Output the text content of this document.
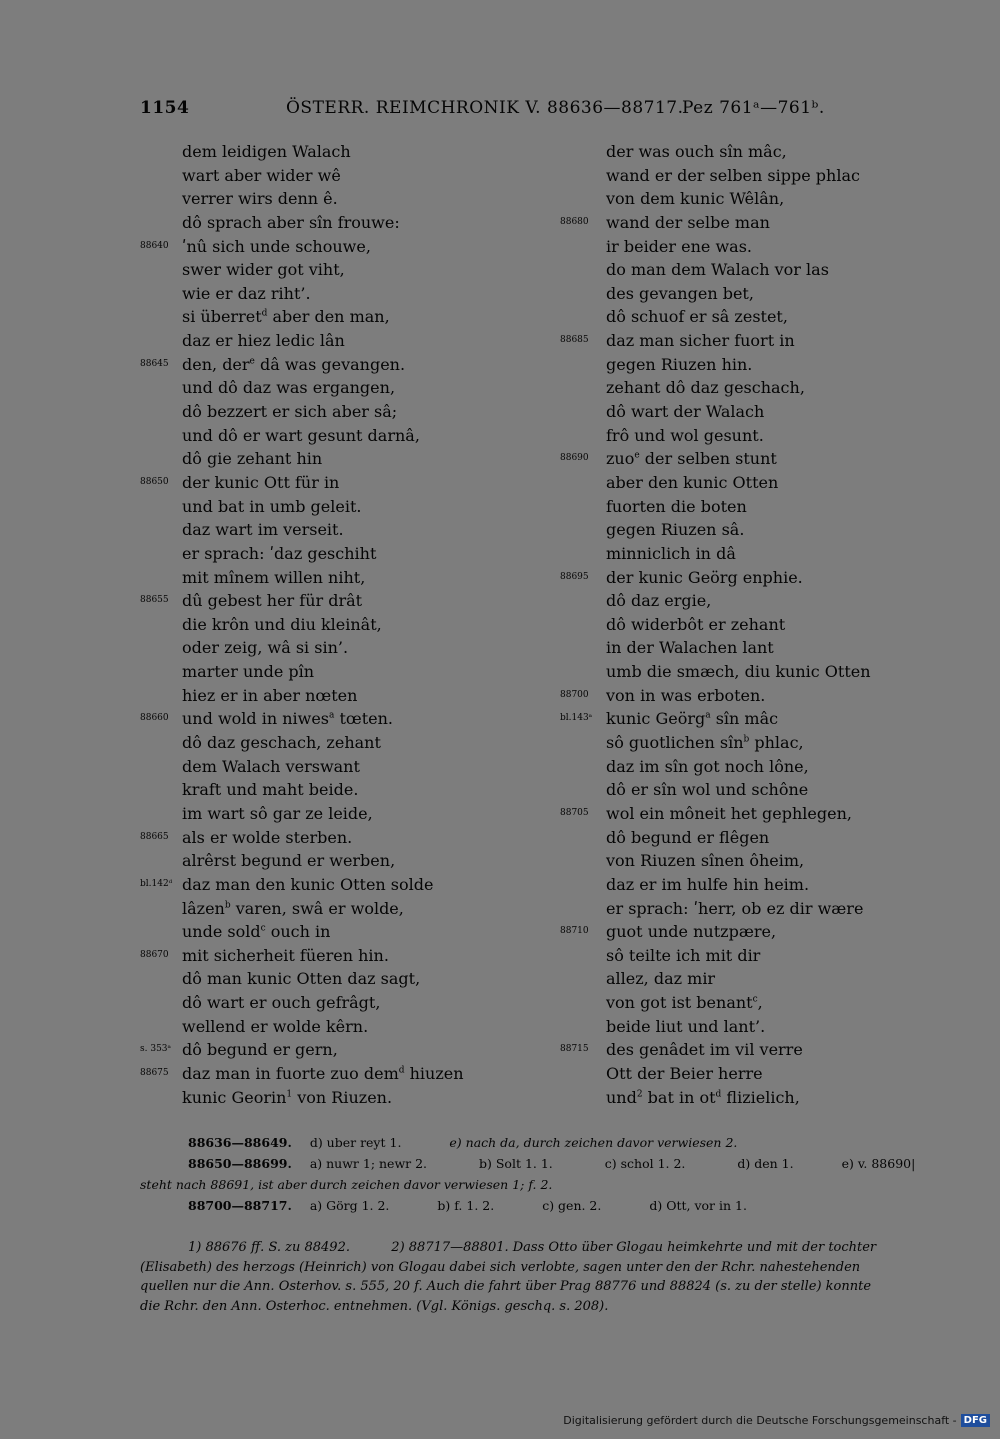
1154	ÖSTERR. REIMCHRONIK V. 88636—88717.
Pez 761ᵃ—761ᵇ.
dem leidigen Walach
wart aber wider wê
verrer wirs denn ê.
dô sprach aber sîn frouwe:
88640 ʹnû sich unde schouwe,
swer wider got viht,
wie er daz riht’.
si überret$^d$ aber den man,
daz er hiez ledic lân
88645 den, der$^e$ dâ was gevangen.
und dô daz was ergangen,
dô bezzert er sich aber sâ;
und dô er wart gesunt darnâ,
dô gie zehant hin
88650 der kunic Ott für in
und bat in umb geleit.
daz wart im verseit.
er sprach: ʹdaz geschiht
mit mînem willen niht,
88655 dû gebest her für drât
die krôn und diu kleinât,
oder zeig, wâ si sin’.
marter unde pîn
hiez er in aber nœten
88660 und wold in niwes$^a$ tœten.
dô daz geschach, zehant
dem Walach verswant
kraft und maht beide.
im wart sô gar ze leide,
88665 als er wolde sterben.
alrêrst begund er werben,
bl.142ᵈ daz man den kunic Otten solde
lâzen$^b$ varen, swâ er wolde,
unde sold$^c$ ouch in
88670 mit sicherheit füeren hin.
dô man kunic Otten daz sagt,
dô wart er ouch gefrâgt,
wellend er wolde kêrn.
s. 353ᵃ dô begund er gern,
88675 daz man in fuorte zuo dem$^d$ hiuzen
kunic Georin$^1$ von Riuzen.
der was ouch sîn mâc,
wand er der selben sippe phlac
von dem kunic Wêlân,
88680	wand der selbe man
ir beider ene was.
do man dem Walach vor las
des gevangen bet,
dô schuof er sâ zestet,
88685	daz man sicher fuort in
gegen Riuzen hin.
zehant dô daz geschach,
dô wart der Walach
frô und wol gesunt.
88690	zuo$^e$ der selben stunt
aber den kunic Otten
fuorten die boten
gegen Riuzen sâ.
minniclich in dâ
88695	der kunic Geörg enphie.
dô daz ergie,
dô widerbôt er zehant
in der Walachen lant
umb die smæch, diu kunic Otten
88700	von in was erboten.
bl.143ᵃ kunic Geörg$^a$ sîn mâc
sô guotlichen sîn$^b$ phlac,
daz im sîn got noch lône,
dô er sîn wol und schône
88705	wol ein môneit het gephlegen,
dô begund er flêgen
von Riuzen sînen ôheim,
daz er im hulfe hin heim.
er sprach: ʹherr, ob ez dir wære
88710	guot unde nutzpære,
sô teilte ich mit dir
allez, daz mir
von got ist benant$^c$,
beide liut und lant’.
88715	des genâdet im vil verre
Ott der Beier herre
und$^2$ bat in $ot^d$ flizielich,
88636—88649. d) uber reyt 1.	e) nach da, durch zeichen davor verwiesen 2.
88650—88699. a) nuwr 1; newr 2.	b) Solt 1. 1.	c) schol 1. 2.	d) den 1.	e) v. 88690|
steht nach 88691, ist aber durch zeichen davor verwiesen 1; f. 2.
88700—88717. a) Görg 1. 2.	b) f. 1. 2.	c) gen. 2.	d) Ott, vor in 1.
1) 88676 ff. S. zu 88492.          2) 88717—88801. Dass Otto über Glogau heimkehrte und mit der tochter
(Elisabeth) des herzogs (Heinrich) von Glogau dabei sich verlobte, sagen unter den der Rchr. nahestehenden
quellen nur die Ann. Osterhov. s. 555, 20 f. Auch die fahrt über Prag 88776 und 88824 (s. zu der stelle) konnte
die Rchr. den Ann. Osterhoc. entnehmen. (Vgl. Königs. geschq. s. 208).
Digitalisierung gefördert durch die Deutsche Forschungsgemeinschaft - DFG
